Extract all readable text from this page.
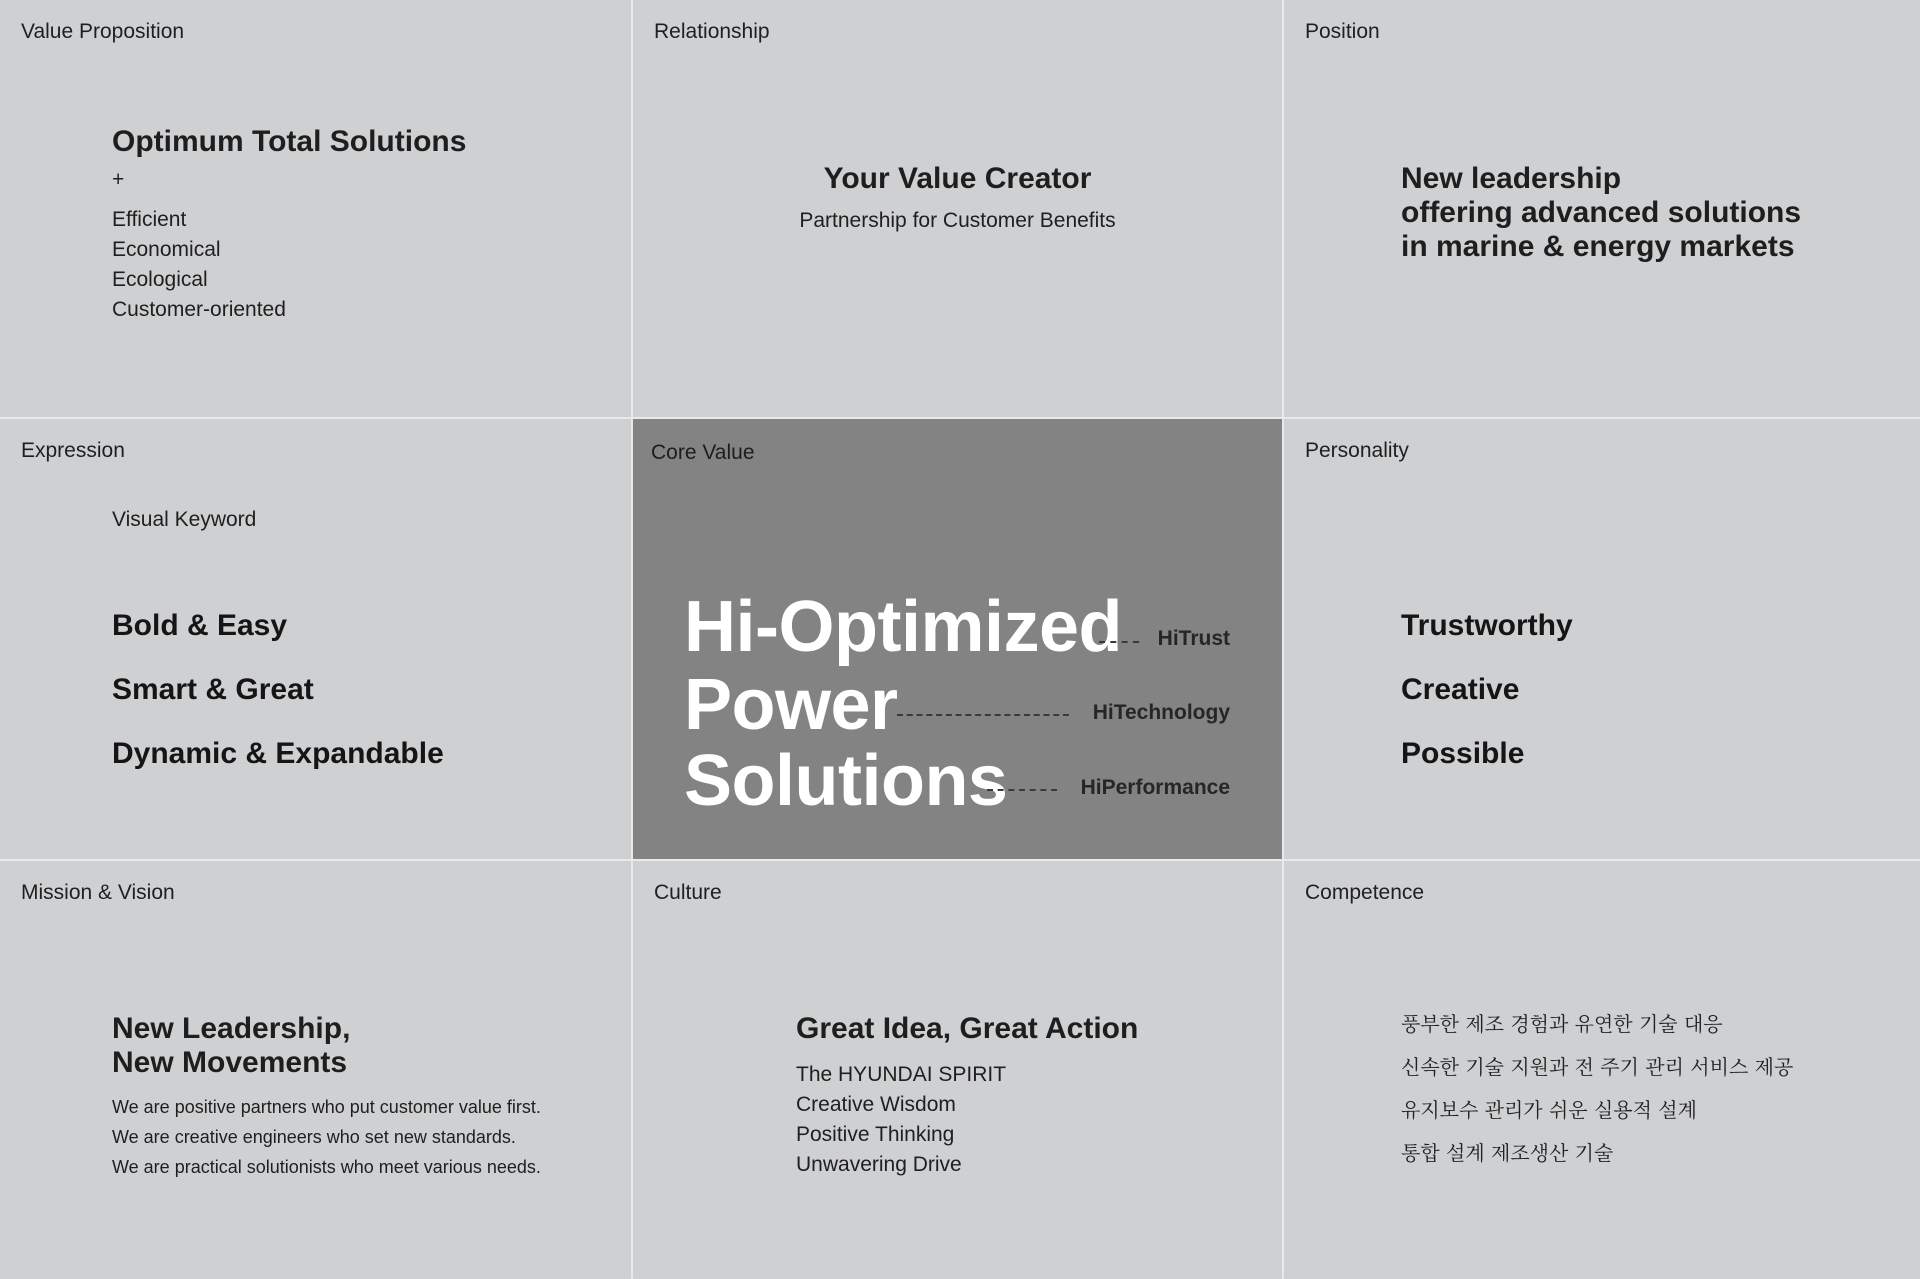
Value Proposition
Optimum Total Solutions
+
Efficient
Economical
Ecological
Customer-oriented
Relationship
Your Value Creator
Partnership for Customer Benefits
Position
New leadership
offering advanced solutions
in marine & energy markets
Expression
Visual Keyword
Bold & Easy
Smart & Great
Dynamic & Expandable
Core Value
Hi-Optimized
Power
Solutions
HiTrust
HiTechnology
HiPerformance
Personality
Trustworthy
Creative
Possible
Mission & Vision
New Leadership,
New Movements
We are positive partners who put customer value first.
We are creative engineers who set new standards.
We are practical solutionists who meet various needs.
Culture
Great Idea, Great Action
The HYUNDAI SPIRIT
Creative Wisdom
Positive Thinking
Unwavering Drive
Competence
풍부한 제조 경험과 유연한 기술 대응
신속한 기술 지원과 전 주기 관리 서비스 제공
유지보수 관리가 쉬운 실용적 설계
통합 설계 제조생산 기술
